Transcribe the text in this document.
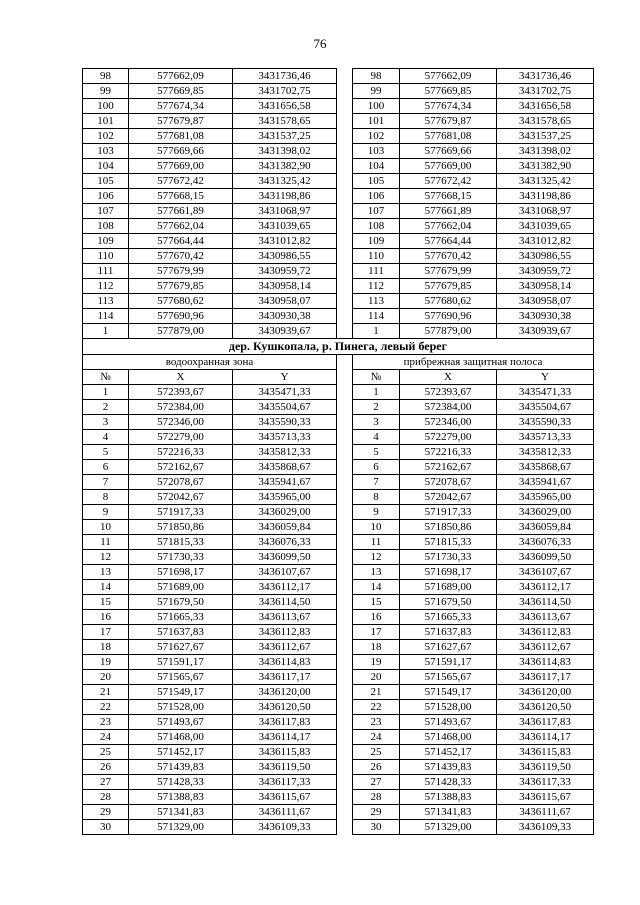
76
98	577662,09	3431736,46		98	577662,09	3431736,46
99	577669,85	3431702,75		99	577669,85	3431702,75
100	577674,34	3431656,58		100	577674,34	3431656,58
101	577679,87	3431578,65		101	577679,87	3431578,65
102	577681,08	3431537,25		102	577681,08	3431537,25
103	577669,66	3431398,02		103	577669,66	3431398,02
104	577669,00	3431382,90		104	577669,00	3431382,90
105	577672,42	3431325,42		105	577672,42	3431325,42
106	577668,15	3431198,86		106	577668,15	3431198,86
107	577661,89	3431068,97		107	577661,89	3431068,97
108	577662,04	3431039,65		108	577662,04	3431039,65
109	577664,44	3431012,82		109	577664,44	3431012,82
110	577670,42	3430986,55		110	577670,42	3430986,55
111	577679,99	3430959,72		111	577679,99	3430959,72
112	577679,85	3430958,14		112	577679,85	3430958,14
113	577680,62	3430958,07		113	577680,62	3430958,07
114	577690,96	3430930,38		114	577690,96	3430930,38
1	577879,00	3430939,67		1	577879,00	3430939,67
дер. Кушкопала, р. Пинега, левый берег						
водоохранная зона				прибрежная защитная полоса		
№	X	Y		№	X	Y
1	572393,67	3435471,33		1	572393,67	3435471,33
2	572384,00	3435504,67		2	572384,00	3435504,67
3	572346,00	3435590,33		3	572346,00	3435590,33
4	572279,00	3435713,33		4	572279,00	3435713,33
5	572216,33	3435812,33		5	572216,33	3435812,33
6	572162,67	3435868,67		6	572162,67	3435868,67
7	572078,67	3435941,67		7	572078,67	3435941,67
8	572042,67	3435965,00		8	572042,67	3435965,00
9	571917,33	3436029,00		9	571917,33	3436029,00
10	571850,86	3436059,84		10	571850,86	3436059,84
11	571815,33	3436076,33		11	571815,33	3436076,33
12	571730,33	3436099,50		12	571730,33	3436099,50
13	571698,17	3436107,67		13	571698,17	3436107,67
14	571689,00	3436112,17		14	571689,00	3436112,17
15	571679,50	3436114,50		15	571679,50	3436114,50
16	571665,33	3436113,67		16	571665,33	3436113,67
17	571637,83	3436112,83		17	571637,83	3436112,83
18	571627,67	3436112,67		18	571627,67	3436112,67
19	571591,17	3436114,83		19	571591,17	3436114,83
20	571565,67	3436117,17		20	571565,67	3436117,17
21	571549,17	3436120,00		21	571549,17	3436120,00
22	571528,00	3436120,50		22	571528,00	3436120,50
23	571493,67	3436117,83		23	571493,67	3436117,83
24	571468,00	3436114,17		24	571468,00	3436114,17
25	571452,17	3436115,83		25	571452,17	3436115,83
26	571439,83	3436119,50		26	571439,83	3436119,50
27	571428,33	3436117,33		27	571428,33	3436117,33
28	571388,83	3436115,67		28	571388,83	3436115,67
29	571341,83	3436111,67		29	571341,83	3436111,67
30	571329,00	3436109,33		30	571329,00	3436109,33
